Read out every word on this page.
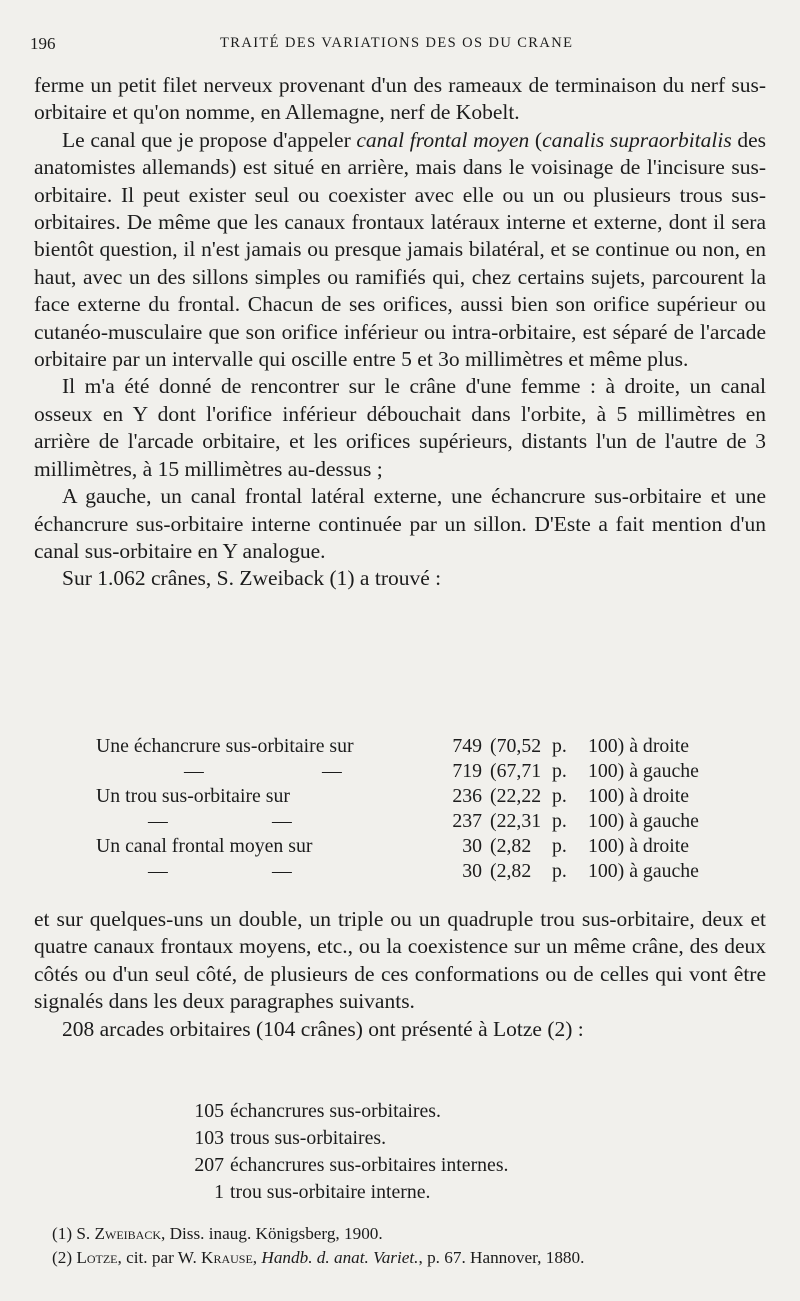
196	TRAITÉ DES VARIATIONS DES OS DU CRANE

ferme un petit filet nerveux provenant d'un des rameaux de terminaison du nerf sus-orbitaire et qu'on nomme, en Allemagne, nerf de Kobelt.

Le canal que je propose d'appeler canal frontal moyen (canalis supraorbitalis des anatomistes allemands) est situé en arrière, mais dans le voisinage de l'incisure sus-orbitaire. Il peut exister seul ou coexister avec elle ou un ou plusieurs trous sus-orbitaires. De même que les canaux frontaux latéraux interne et externe, dont il sera bientôt question, il n'est jamais ou presque jamais bilatéral, et se continue ou non, en haut, avec un des sillons simples ou ramifiés qui, chez certains sujets, parcourent la face externe du frontal. Chacun de ses orifices, aussi bien son orifice supérieur ou cutanéo-musculaire que son orifice inférieur ou intra-orbitaire, est séparé de l'arcade orbitaire par un intervalle qui oscille entre 5 et 3o millimètres et même plus.

Il m'a été donné de rencontrer sur le crâne d'une femme : à droite, un canal osseux en Y dont l'orifice inférieur débouchait dans l'orbite, à 5 millimètres en arrière de l'arcade orbitaire, et les orifices supérieurs, distants l'un de l'autre de 3 millimètres, à 15 millimètres au-dessus ;

A gauche, un canal frontal latéral externe, une échancrure sus-orbitaire et une échancrure sus-orbitaire interne continuée par un sillon. D'Este a fait mention d'un canal sus-orbitaire en Y analogue.

Sur 1.062 crânes, S. Zweiback (1) a trouvé :

Une échancrure sus-orbitaire sur	749 (70,52 p. 100) à droite
—	—	719 (67,71 p. 100) à gauche
Un trou sus-orbitaire sur	236 (22,22 p. 100) à droite
—	—	237 (22,31 p. 100) à gauche
Un canal frontal moyen sur	30 (2,82 p. 100) à droite
—	—	30 (2,82 p. 100) à gauche

et sur quelques-uns un double, un triple ou un quadruple trou sus-orbitaire, deux et quatre canaux frontaux moyens, etc., ou la coexistence sur un même crâne, des deux côtés ou d'un seul côté, de plusieurs de ces conformations ou de celles qui vont être signalés dans les deux paragraphes suivants.

208 arcades orbitaires (104 crânes) ont présenté à Lotze (2) :

105 échancrures sus-orbitaires.
103 trous sus-orbitaires.
207 échancrures sus-orbitaires internes.
1 trou sus-orbitaire interne.
(1) S. Zweiback, Diss. inaug. Königsberg, 1900.
(2) Lotze, cit. par W. Krause, Handb. d. anat. Variet., p. 67. Hannover, 1880.
